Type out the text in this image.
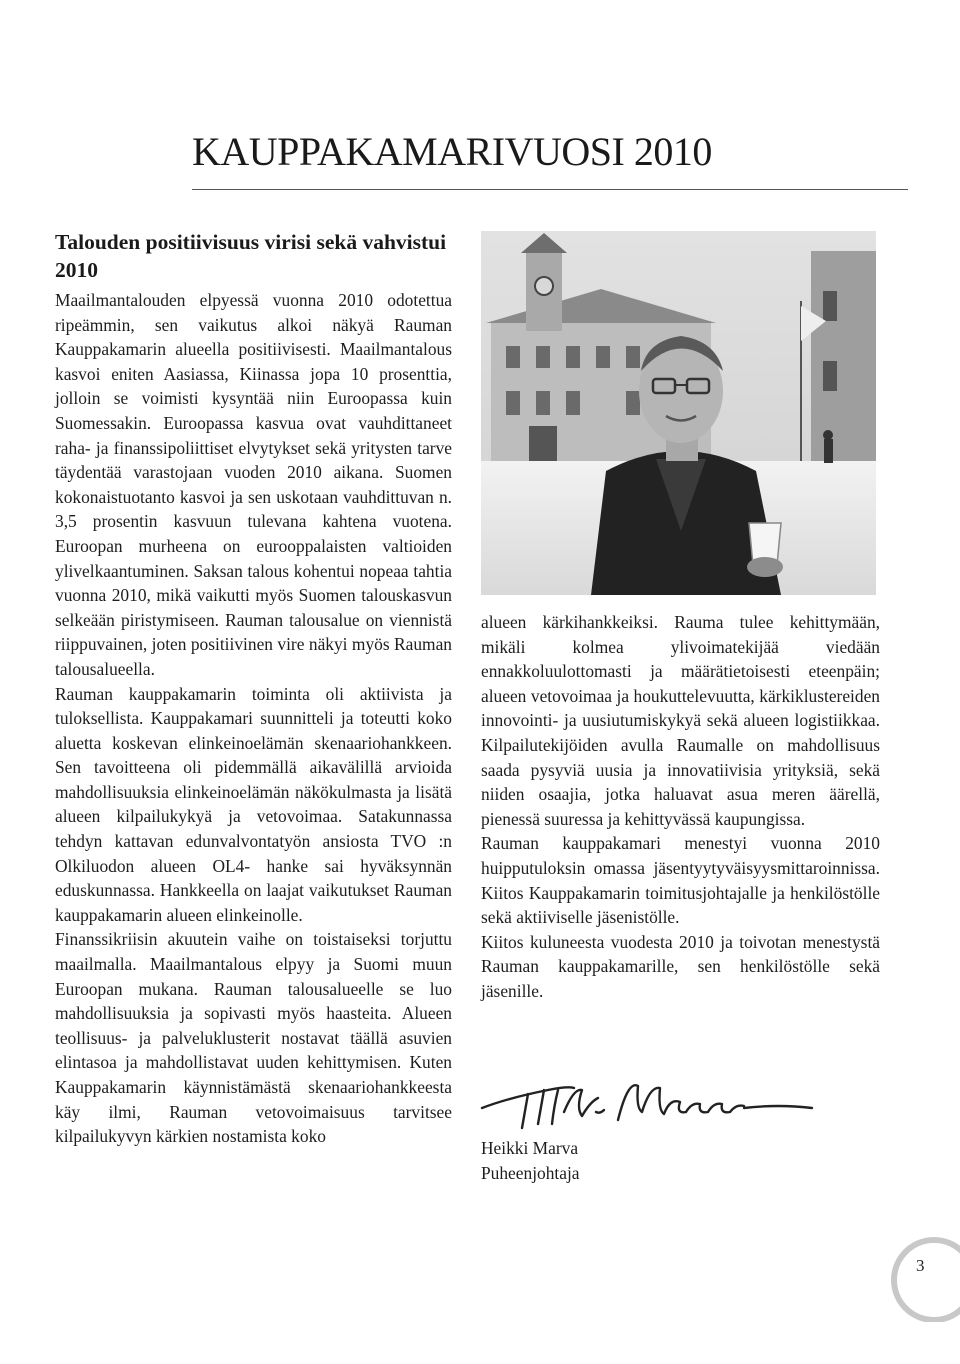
KAUPPAKAMARIVUOSI 2010
Talouden positiivisuus virisi sekä vahvistui 2010

Maailmantalouden elpyessä vuonna 2010 odotettua ripeämmin, sen vaikutus alkoi näkyä Rauman Kauppakamarin alueella positiivisesti. Maailmantalous kasvoi eniten Aasiassa, Kiinassa jopa 10 prosenttia, jolloin se voimisti kysyntää niin Euroopassa kuin Suomessakin. Euroopassa kasvua ovat vauhdittaneet raha- ja finanssipoliittiset elvytykset sekä yritysten tarve täydentää varastojaan vuoden 2010 aikana. Suomen kokonaistuotanto kasvoi ja sen uskotaan vauhdittuvan n. 3,5 prosentin kasvuun tulevana kahtena vuotena. Euroopan murheena on eurooppalaisten valtioiden ylivelkaantuminen. Saksan talous kohentui nopeaa tahtia vuonna 2010, mikä vaikutti myös Suomen talouskasvun selkeään piristymiseen. Rauman talousalue on viennistä riippuvainen, joten positiivinen vire näkyi myös Rauman talousalueella.

Rauman kauppakamarin toiminta oli aktiivista ja tuloksellista. Kauppakamari suunnitteli ja toteutti koko aluetta koskevan elinkeinoelämän skenaariohankkeen. Sen tavoitteena oli pidemmällä aikavälillä arvioida mahdollisuuksia elinkeinoelämän näkökulmasta ja lisätä alueen kilpailukykyä ja vetovoimaa. Satakunnassa tehdyn kattavan edunvalvontatyön ansiosta TVO :n Olkiluodon alueen OL4- hanke sai hyväksynnän eduskunnassa. Hankkeella on laajat vaikutukset Rauman kauppakamarin alueen elinkeinolle.

Finanssikriisin akuutein vaihe on toistaiseksi torjuttu maailmalla. Maailmantalous elpyy ja Suomi muun Euroopan mukana. Rauman talousalueelle se luo mahdollisuuksia ja sopivasti myös haasteita. Alueen teollisuus- ja palveluklusterit nostavat täällä asuvien elintasoa ja mahdollistavat uuden kehittymisen. Kuten Kauppakamarin käynnistämästä skenaariohankkeesta käy ilmi, Rauman vetovoimaisuus tarvitsee kilpailukyvyn kärkien nostamista koko

alueen kärkihankkeiksi. Rauma tulee kehittymään, mikäli kolmea ylivoimatekijää viedään ennakkoluulottomasti ja määrätietoisesti eteenpäin; alueen vetovoimaa ja houkuttelevuutta, kärkiklustereiden innovointi- ja uusiutumiskykyä sekä alueen logistiikkaa. Kilpailutekijöiden avulla Raumalle on mahdollisuus saada pysyviä uusia ja innovatiivisia yrityksiä, sekä niiden osaajia, jotka haluavat asua meren äärellä, pienessä suuressa ja kehittyvässä kaupungissa.

Rauman kauppakamari menestyi vuonna 2010 huipputuloksin omassa jäsentyytyväisyysmittaroinnissa. Kiitos Kauppakamarin toimitusjohtajalle ja henkilöstölle sekä aktiiviselle jäsenistölle.

Kiitos kuluneesta vuodesta 2010 ja toivotan menestystä Rauman kauppakamarille, sen henkilöstölle sekä jäsenille.

Heikki Marva
Puheenjohtaja
3
